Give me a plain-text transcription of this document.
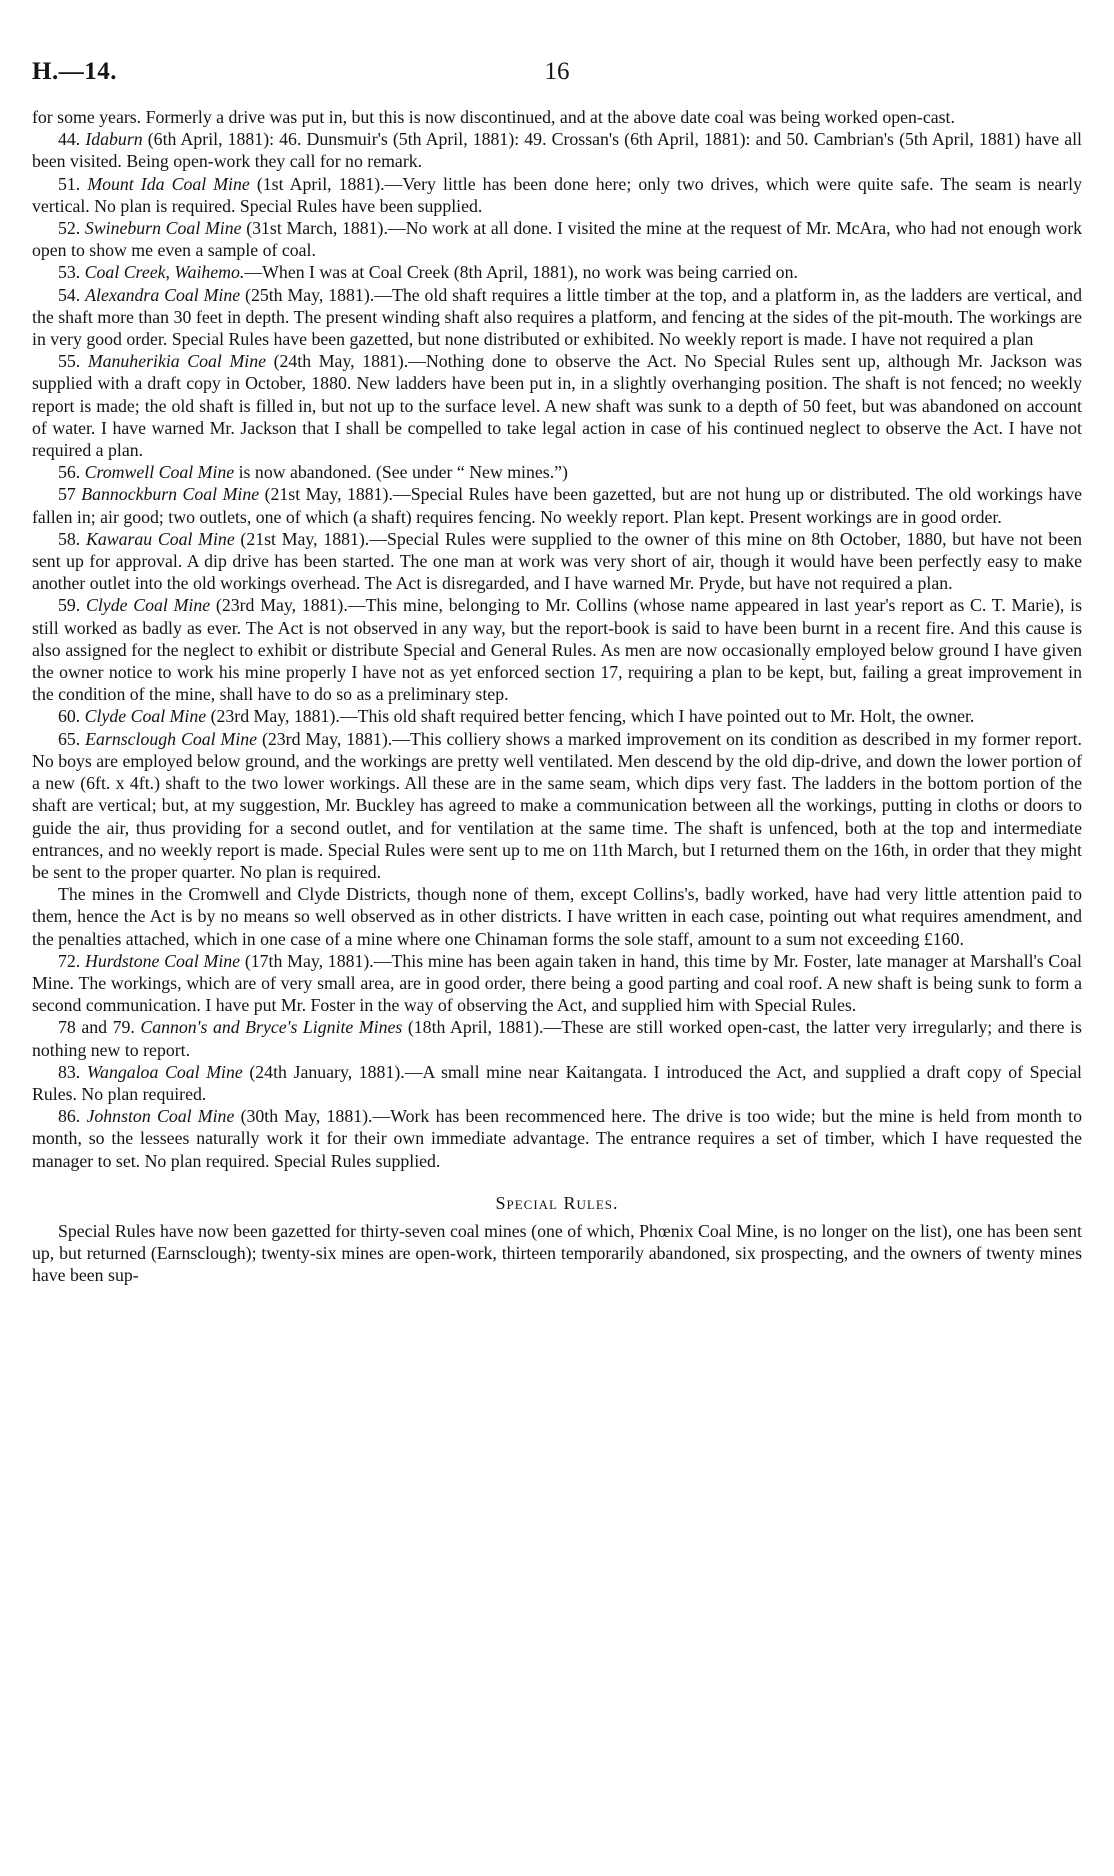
H.—14.	16

for some years. Formerly a drive was put in, but this is now discontinued, and at the above date coal was being worked open-cast.

44. Idaburn (6th April, 1881): 46. Dunsmuir's (5th April, 1881): 49. Crossan's (6th April, 1881): and 50. Cambrian's (5th April, 1881) have all been visited. Being open-work they call for no remark.

51. Mount Ida Coal Mine (1st April, 1881).—Very little has been done here; only two drives, which were quite safe. The seam is nearly vertical. No plan is required. Special Rules have been supplied.

52. Swineburn Coal Mine (31st March, 1881).—No work at all done. I visited the mine at the request of Mr. McAra, who had not enough work open to show me even a sample of coal.

53. Coal Creek, Waihemo.—When I was at Coal Creek (8th April, 1881), no work was being carried on.

54. Alexandra Coal Mine (25th May, 1881).—The old shaft requires a little timber at the top, and a platform in, as the ladders are vertical, and the shaft more than 30 feet in depth. The present winding shaft also requires a platform, and fencing at the sides of the pit-mouth. The workings are in very good order. Special Rules have been gazetted, but none distributed or exhibited. No weekly report is made. I have not required a plan

55. Manuherikia Coal Mine (24th May, 1881).—Nothing done to observe the Act. No Special Rules sent up, although Mr. Jackson was supplied with a draft copy in October, 1880. New ladders have been put in, in a slightly overhanging position. The shaft is not fenced; no weekly report is made; the old shaft is filled in, but not up to the surface level. A new shaft was sunk to a depth of 50 feet, but was abandoned on account of water. I have warned Mr. Jackson that I shall be compelled to take legal action in case of his continued neglect to observe the Act. I have not required a plan.

56. Cromwell Coal Mine is now abandoned. (See under “ New mines.”)

57 Bannockburn Coal Mine (21st May, 1881).—Special Rules have been gazetted, but are not hung up or distributed. The old workings have fallen in; air good; two outlets, one of which (a shaft) requires fencing. No weekly report. Plan kept. Present workings are in good order.

58. Kawarau Coal Mine (21st May, 1881).—Special Rules were supplied to the owner of this mine on 8th October, 1880, but have not been sent up for approval. A dip drive has been started. The one man at work was very short of air, though it would have been perfectly easy to make another outlet into the old workings overhead. The Act is disregarded, and I have warned Mr. Pryde, but have not required a plan.

59. Clyde Coal Mine (23rd May, 1881).—This mine, belonging to Mr. Collins (whose name appeared in last year's report as C. T. Marie), is still worked as badly as ever. The Act is not observed in any way, but the report-book is said to have been burnt in a recent fire. And this cause is also assigned for the neglect to exhibit or distribute Special and General Rules. As men are now occasionally employed below ground I have given the owner notice to work his mine properly I have not as yet enforced section 17, requiring a plan to be kept, but, failing a great improvement in the condition of the mine, shall have to do so as a preliminary step.

60. Clyde Coal Mine (23rd May, 1881).—This old shaft required better fencing, which I have pointed out to Mr. Holt, the owner.

65. Earnsclough Coal Mine (23rd May, 1881).—This colliery shows a marked improvement on its condition as described in my former report. No boys are employed below ground, and the workings are pretty well ventilated. Men descend by the old dip-drive, and down the lower portion of a new (6ft. x 4ft.) shaft to the two lower workings. All these are in the same seam, which dips very fast. The ladders in the bottom portion of the shaft are vertical; but, at my suggestion, Mr. Buckley has agreed to make a communication between all the workings, putting in cloths or doors to guide the air, thus providing for a second outlet, and for ventilation at the same time. The shaft is unfenced, both at the top and intermediate entrances, and no weekly report is made. Special Rules were sent up to me on 11th March, but I returned them on the 16th, in order that they might be sent to the proper quarter. No plan is required.

The mines in the Cromwell and Clyde Districts, though none of them, except Collins's, badly worked, have had very little attention paid to them, hence the Act is by no means so well observed as in other districts. I have written in each case, pointing out what requires amendment, and the penalties attached, which in one case of a mine where one Chinaman forms the sole staff, amount to a sum not exceeding £160.

72. Hurdstone Coal Mine (17th May, 1881).—This mine has been again taken in hand, this time by Mr. Foster, late manager at Marshall's Coal Mine. The workings, which are of very small area, are in good order, there being a good parting and coal roof. A new shaft is being sunk to form a second communication. I have put Mr. Foster in the way of observing the Act, and supplied him with Special Rules.

78 and 79. Cannon's and Bryce's Lignite Mines (18th April, 1881).—These are still worked open-cast, the latter very irregularly; and there is nothing new to report.

83. Wangaloa Coal Mine (24th January, 1881).—A small mine near Kaitangata. I introduced the Act, and supplied a draft copy of Special Rules. No plan required.

86. Johnston Coal Mine (30th May, 1881).—Work has been recommenced here. The drive is too wide; but the mine is held from month to month, so the lessees naturally work it for their own immediate advantage. The entrance requires a set of timber, which I have requested the manager to set. No plan required. Special Rules supplied.

Special Rules.

Special Rules have now been gazetted for thirty-seven coal mines (one of which, Phœnix Coal Mine, is no longer on the list), one has been sent up, but returned (Earnsclough); twenty-six mines are open-work, thirteen temporarily abandoned, six prospecting, and the owners of twenty mines have been sup-
